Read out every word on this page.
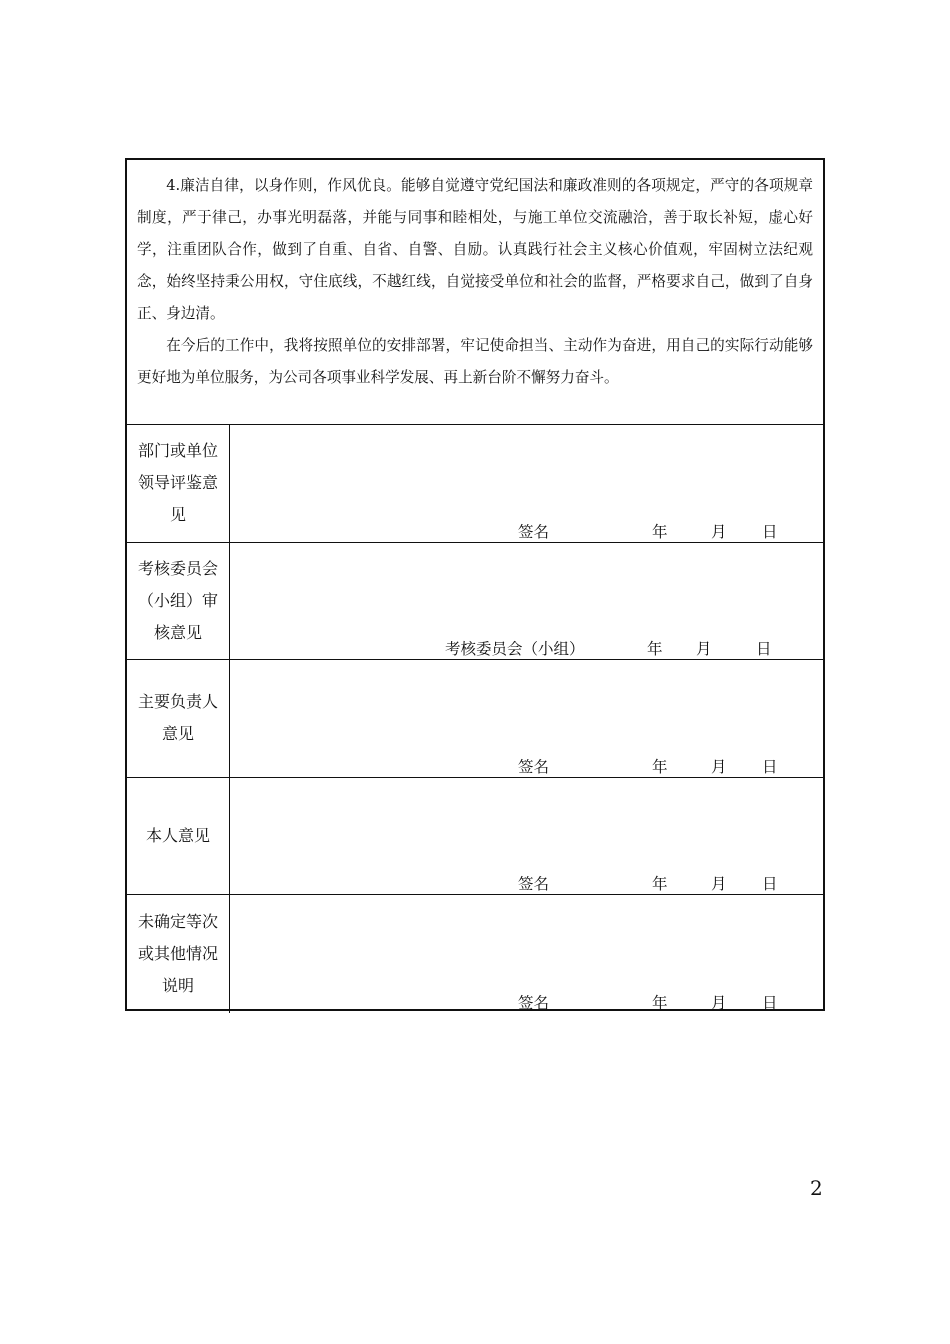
4.廉洁自律，以身作则，作风优良。能够自觉遵守党纪国法和廉政准则的各项规定，严守的各项规章制度，严于律己，办事光明磊落，并能与同事和睦相处，与施工单位交流融洽，善于取长补短，虚心好学，注重团队合作，做到了自重、自省、自警、自励。认真践行社会主义核心价值观，牢固树立法纪观念，始终坚持秉公用权，守住底线，不越红线，自觉接受单位和社会的监督，严格要求自己，做到了自身正、身边清。

在今后的工作中，我将按照单位的安排部署，牢记使命担当、主动作为奋进，用自己的实际行动能够更好地为单位服务，为公司各项事业科学发展、再上新台阶不懈努力奋斗。

部门或单位领导评鉴意见
签名	年	月 日
考核委员会（小组）审核意见
考核委员会（小组）	年 月	日
主要负责人意见
签名	年	月 日
本人意见
签名	年	月 日
未确定等次或其他情况说明
签名	年	月 日
2
